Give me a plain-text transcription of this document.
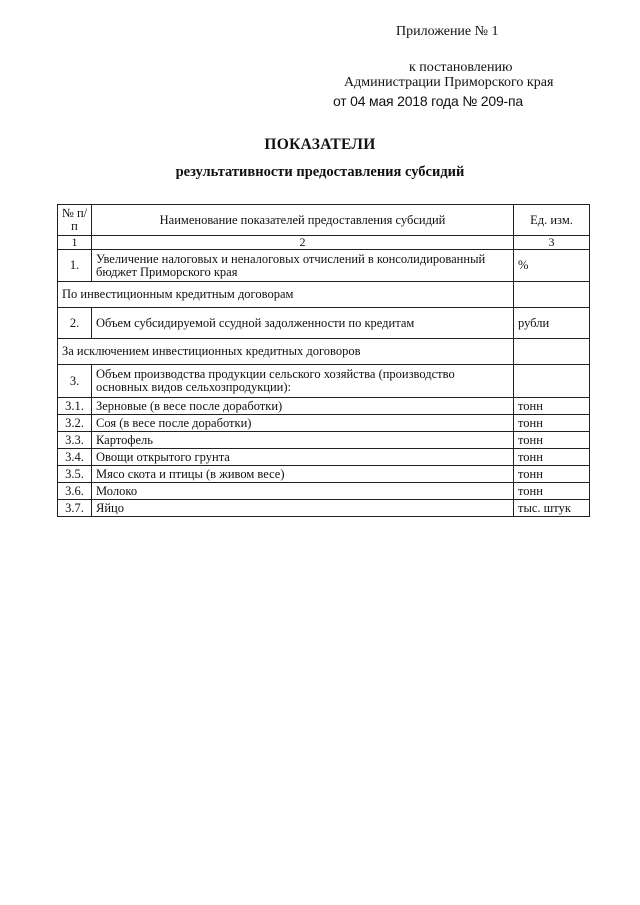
Приложение № 1
к постановлению
Администрации Приморского края
от 04 мая 2018 года № 209-па
ПОКАЗАТЕЛИ
результативности предоставления субсидий
№ п/п	Наименование показателей предоставления субсидий	Ед. изм.
1	2	3
1.	Увеличение налоговых и неналоговых отчислений в консолидированный бюджет Приморского края	%
По инвестиционным кредитным договорам		
2.	Объем субсидируемой ссудной задолженности по кредитам	рубли
За исключением инвестиционных кредитных договоров		
3.	Объем производства продукции сельского хозяйства (производство основных видов сельхозпродукции):	
3.1.	Зерновые (в весе после доработки)	тонн
3.2.	Соя (в весе после доработки)	тонн
3.3.	Картофель	тонн
3.4.	Овощи открытого грунта	тонн
3.5.	Мясо скота и птицы (в живом весе)	тонн
3.6.	Молоко	тонн
3.7.	Яйцо	тыс. штук
